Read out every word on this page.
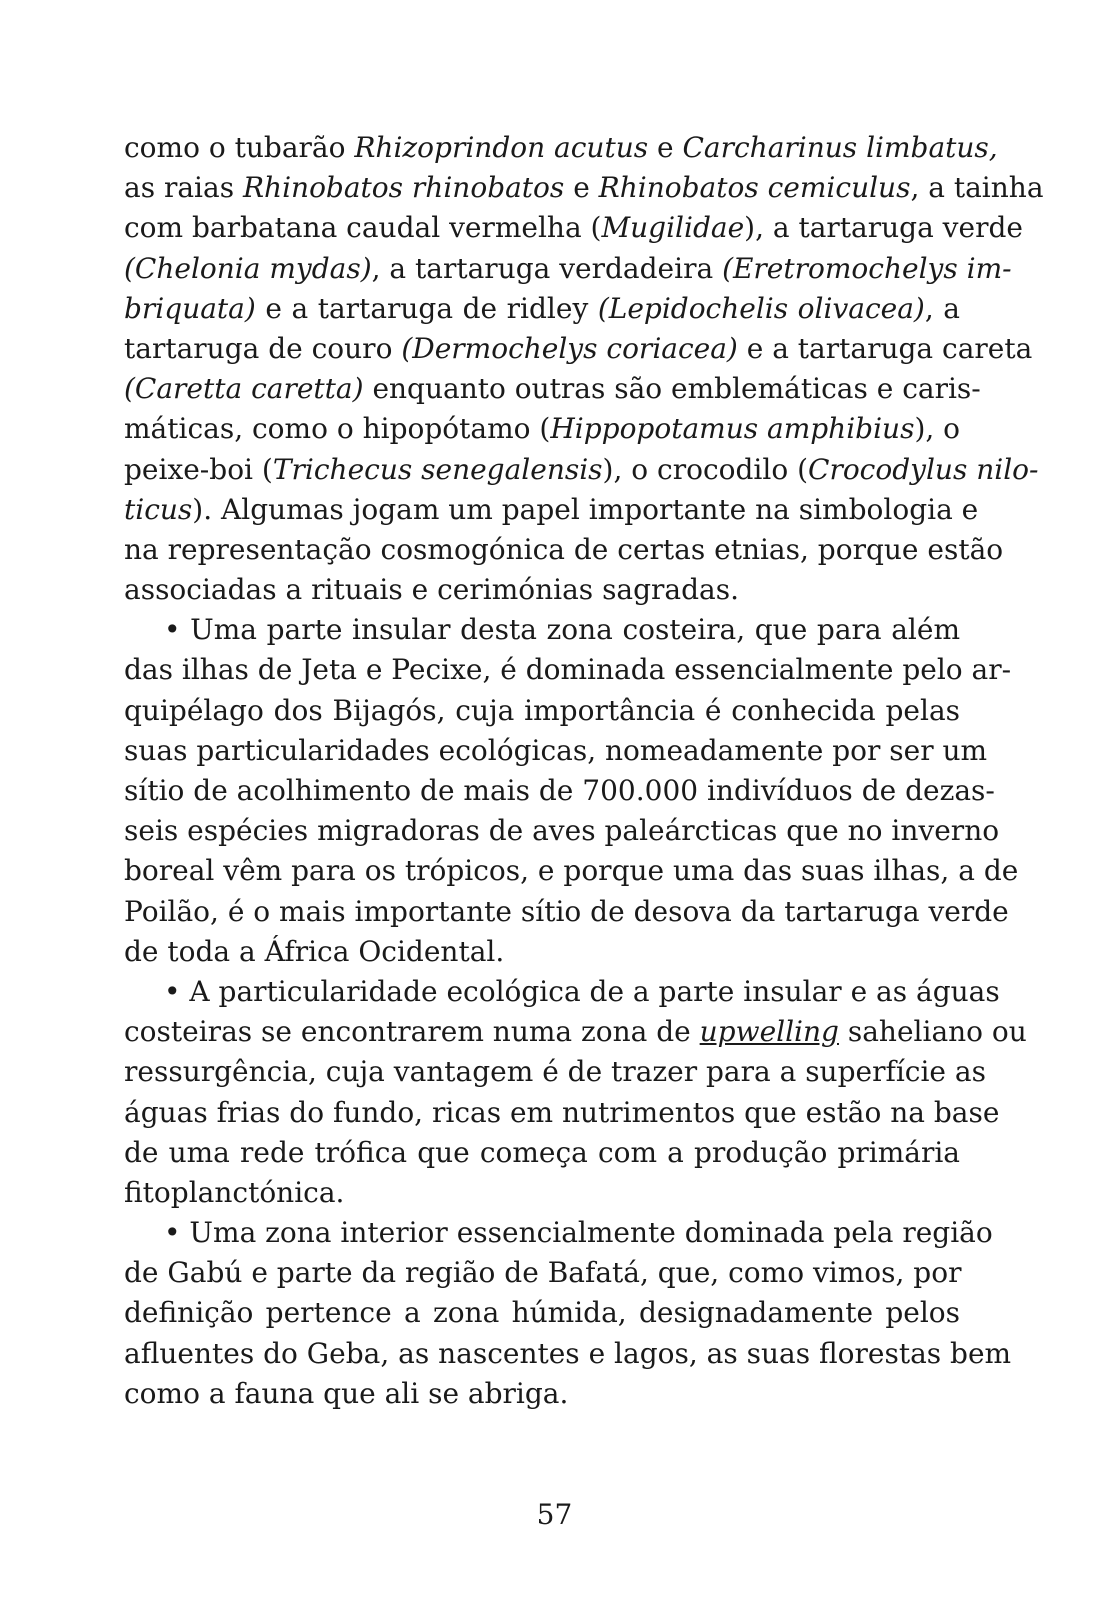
como o tubarão Rhizoprindon acutus e Carcharinus limbatus,
as raias Rhinobatos rhinobatos e Rhinobatos cemiculus, a tainha
com barbatana caudal vermelha (Mugilidae), a tartaruga verde
(Chelonia mydas), a tartaruga verdadeira (Eretromochelys im-
briquata) e a tartaruga de ridley (Lepidochelis olivacea), a
tartaruga de couro (Dermochelys coriacea) e a tartaruga careta
(Caretta caretta) enquanto outras são emblemáticas e caris-
máticas, como o hipopótamo (Hippopotamus amphibius), o
peixe-boi (Trichecus senegalensis), o crocodilo (Crocodylus nilo-
ticus). Algumas jogam um papel importante na simbologia e
na representação cosmogónica de certas etnias, porque estão
associadas a rituais e cerimónias sagradas.
• Uma parte insular desta zona costeira, que para além
das ilhas de Jeta e Pecixe, é dominada essencialmente pelo ar-
quipélago dos Bijagós, cuja importância é conhecida pelas
suas particularidades ecológicas, nomeadamente por ser um
sítio de acolhimento de mais de 700.000 indivíduos de dezas-
seis espécies migradoras de aves paleárcticas que no inverno
boreal vêm para os trópicos, e porque uma das suas ilhas, a de
Poilão, é o mais importante sítio de desova da tartaruga verde
de toda a África Ocidental.
• A particularidade ecológica de a parte insular e as águas
costeiras se encontrarem numa zona de upwelling saheliano ou
ressurgência, cuja vantagem é de trazer para a superfície as
águas frias do fundo, ricas em nutrimentos que estão na base
de uma rede trófica que começa com a produção primária
fitoplanctónica.
• Uma zona interior essencialmente dominada pela região
de Gabú e parte da região de Bafatá, que, como vimos, por
definição pertence a zona húmida, designadamente pelos
afluentes do Geba, as nascentes e lagos, as suas florestas bem
como a fauna que ali se abriga.
57
